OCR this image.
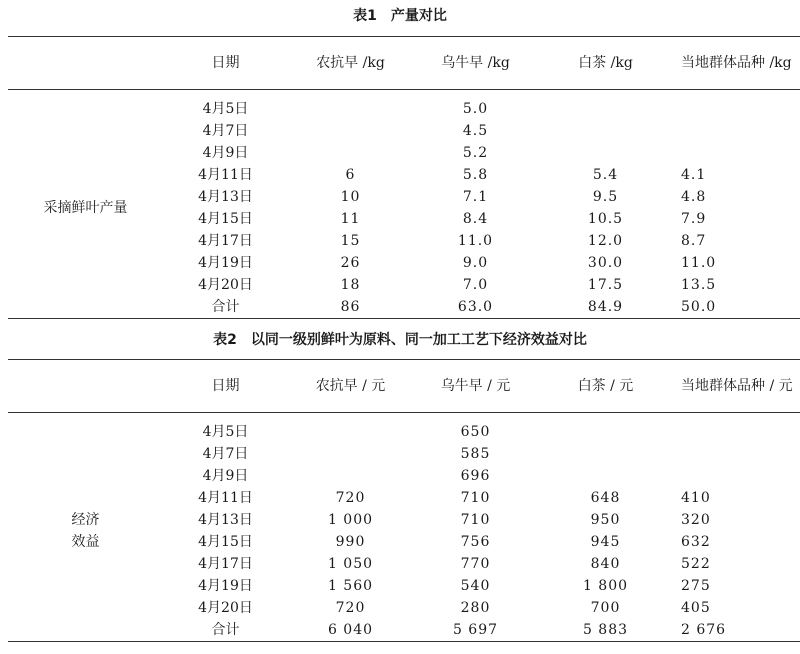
表1　产量对比
	日期	农抗早 /kg	乌牛早 /kg	白茶 /kg	当地群体品种 /kg
采摘鲜叶产量	4月5日		5.0		
	4月7日		4.5		
	4月9日		5.2		
	4月11日	6	5.8	5.4	4.1
	4月13日	10	7.1	9.5	4.8
	4月15日	11	8.4	10.5	7.9
	4月17日	15	11.0	12.0	8.7
	4月19日	26	9.0	30.0	11.0
	4月20日	18	7.0	17.5	13.5
	合计	86	63.0	84.9	50.0
表2　以同一级别鲜叶为原料、同一加工工艺下经济效益对比
	日期	农抗早 / 元	乌牛早 / 元	白茶 / 元	当地群体品种 / 元

经济
效益	4月5日		650		
	4月7日		585		
	4月9日		696		
	4月11日	720	710	648	410
	4月13日	1 000	710	950	320
	4月15日	990	756	945	632
	4月17日	1 050	770	840	522
	4月19日	1 560	540	1 800	275
	4月20日	720	280	700	405
	合计	6 040	5 697	5 883	2 676
